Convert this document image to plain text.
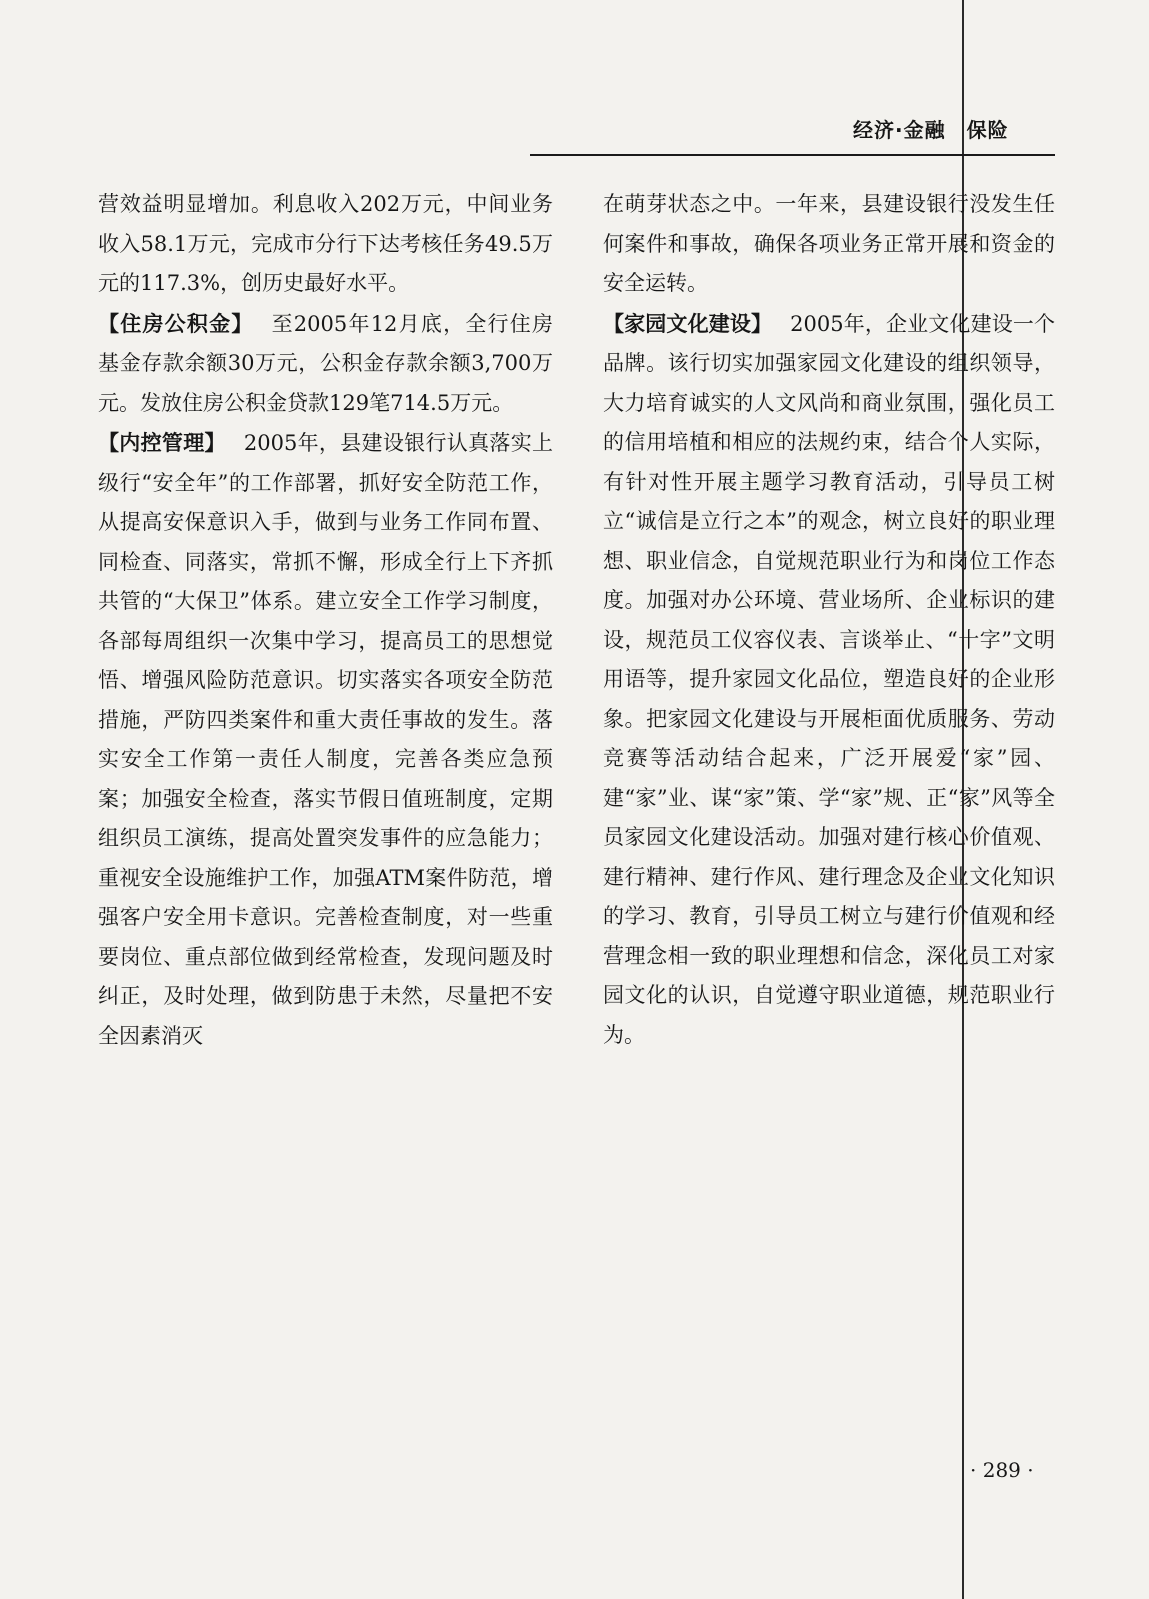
经济·金融　保险

营效益明显增加。利息收入202万元，中间业务收入58.1万元，完成市分行下达考核任务49.5万元的117.3%，创历史最好水平。

【住房公积金】 至2005年12月底，全行住房基金存款余额30万元，公积金存款余额3,700万元。发放住房公积金贷款129笔714.5万元。

【内控管理】 2005年，县建设银行认真落实上级行“安全年”的工作部署，抓好安全防范工作，从提高安保意识入手，做到与业务工作同布置、同检查、同落实，常抓不懈，形成全行上下齐抓共管的“大保卫”体系。建立安全工作学习制度，各部每周组织一次集中学习，提高员工的思想觉悟、增强风险防范意识。切实落实各项安全防范措施，严防四类案件和重大责任事故的发生。落实安全工作第一责任人制度，完善各类应急预案；加强安全检查，落实节假日值班制度，定期组织员工演练，提高处置突发事件的应急能力；重视安全设施维护工作，加强ATM案件防范，增强客户安全用卡意识。完善检查制度，对一些重要岗位、重点部位做到经常检查，发现问题及时纠正，及时处理，做到防患于未然，尽量把不安全因素消灭

在萌芽状态之中。一年来，县建设银行没发生任何案件和事故，确保各项业务正常开展和资金的安全运转。

【家园文化建设】 2005年，企业文化建设一个品牌。该行切实加强家园文化建设的组织领导，大力培育诚实的人文风尚和商业氛围，强化员工的信用培植和相应的法规约束，结合个人实际，有针对性开展主题学习教育活动，引导员工树立“诚信是立行之本”的观念，树立良好的职业理想、职业信念，自觉规范职业行为和岗位工作态度。加强对办公环境、营业场所、企业标识的建设，规范员工仪容仪表、言谈举止、“十字”文明用语等，提升家园文化品位，塑造良好的企业形象。把家园文化建设与开展柜面优质服务、劳动竞赛等活动结合起来，广泛开展爱“家”园、建“家”业、谋“家”策、学“家”规、正“家”风等全员家园文化建设活动。加强对建行核心价值观、建行精神、建行作风、建行理念及企业文化知识的学习、教育，引导员工树立与建行价值观和经营理念相一致的职业理想和信念，深化员工对家园文化的认识，自觉遵守职业道德，规范职业行为。

· 289 ·
